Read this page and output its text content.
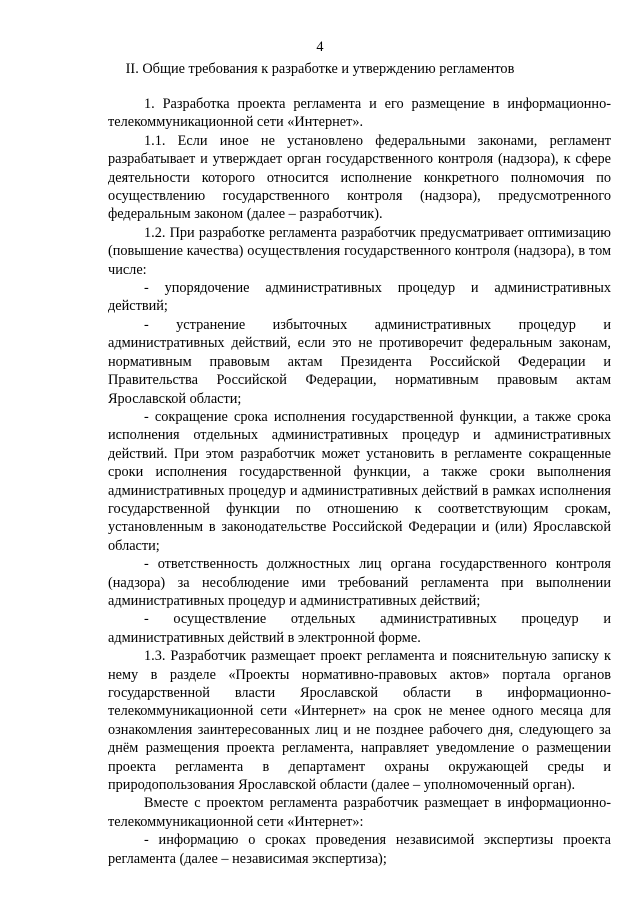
4
II. Общие требования к разработке и утверждению регламентов

1. Разработка проекта регламента и его размещение в информационно-телекоммуникационной сети «Интернет».

1.1. Если иное не установлено федеральными законами, регламент разрабатывает и утверждает орган государственного контроля (надзора), к сфере деятельности которого относится исполнение конкретного полномочия по осуществлению государственного контроля (надзора), предусмотренного федеральным законом (далее – разработчик).

1.2. При разработке регламента разработчик предусматривает оптимизацию (повышение качества) осуществления государственного контроля (надзора), в том числе:

- упорядочение административных процедур и административных действий;

- устранение избыточных административных процедур и административных действий, если это не противоречит федеральным законам, нормативным правовым актам Президента Российской Федерации и Правительства Российской Федерации, нормативным правовым актам Ярославской области;

- сокращение срока исполнения государственной функции, а также срока исполнения отдельных административных процедур и административных действий. При этом разработчик может установить в регламенте сокращенные сроки исполнения государственной функции, а также сроки выполнения административных процедур и административных действий в рамках исполнения государственной функции по отношению к соответствующим срокам, установленным в законодательстве Российской Федерации и (или) Ярославской области;

- ответственность должностных лиц органа государственного контроля (надзора) за несоблюдение ими требований регламента при выполнении административных процедур и административных действий;

- осуществление отдельных административных процедур и административных действий в электронной форме.

1.3. Разработчик размещает проект регламента и пояснительную записку к нему в разделе «Проекты нормативно-правовых актов» портала органов государственной власти Ярославской области в информационно-телекоммуникационной сети «Интернет» на срок не менее одного месяца для ознакомления заинтересованных лиц и не позднее рабочего дня, следующего за днём размещения проекта регламента, направляет уведомление о размещении проекта регламента в департамент охраны окружающей среды и природопользования Ярославской области (далее – уполномоченный орган).

Вместе с проектом регламента разработчик размещает в информационно-телекоммуникационной сети «Интернет»:

- информацию о сроках проведения независимой экспертизы проекта регламента (далее – независимая экспертиза);
